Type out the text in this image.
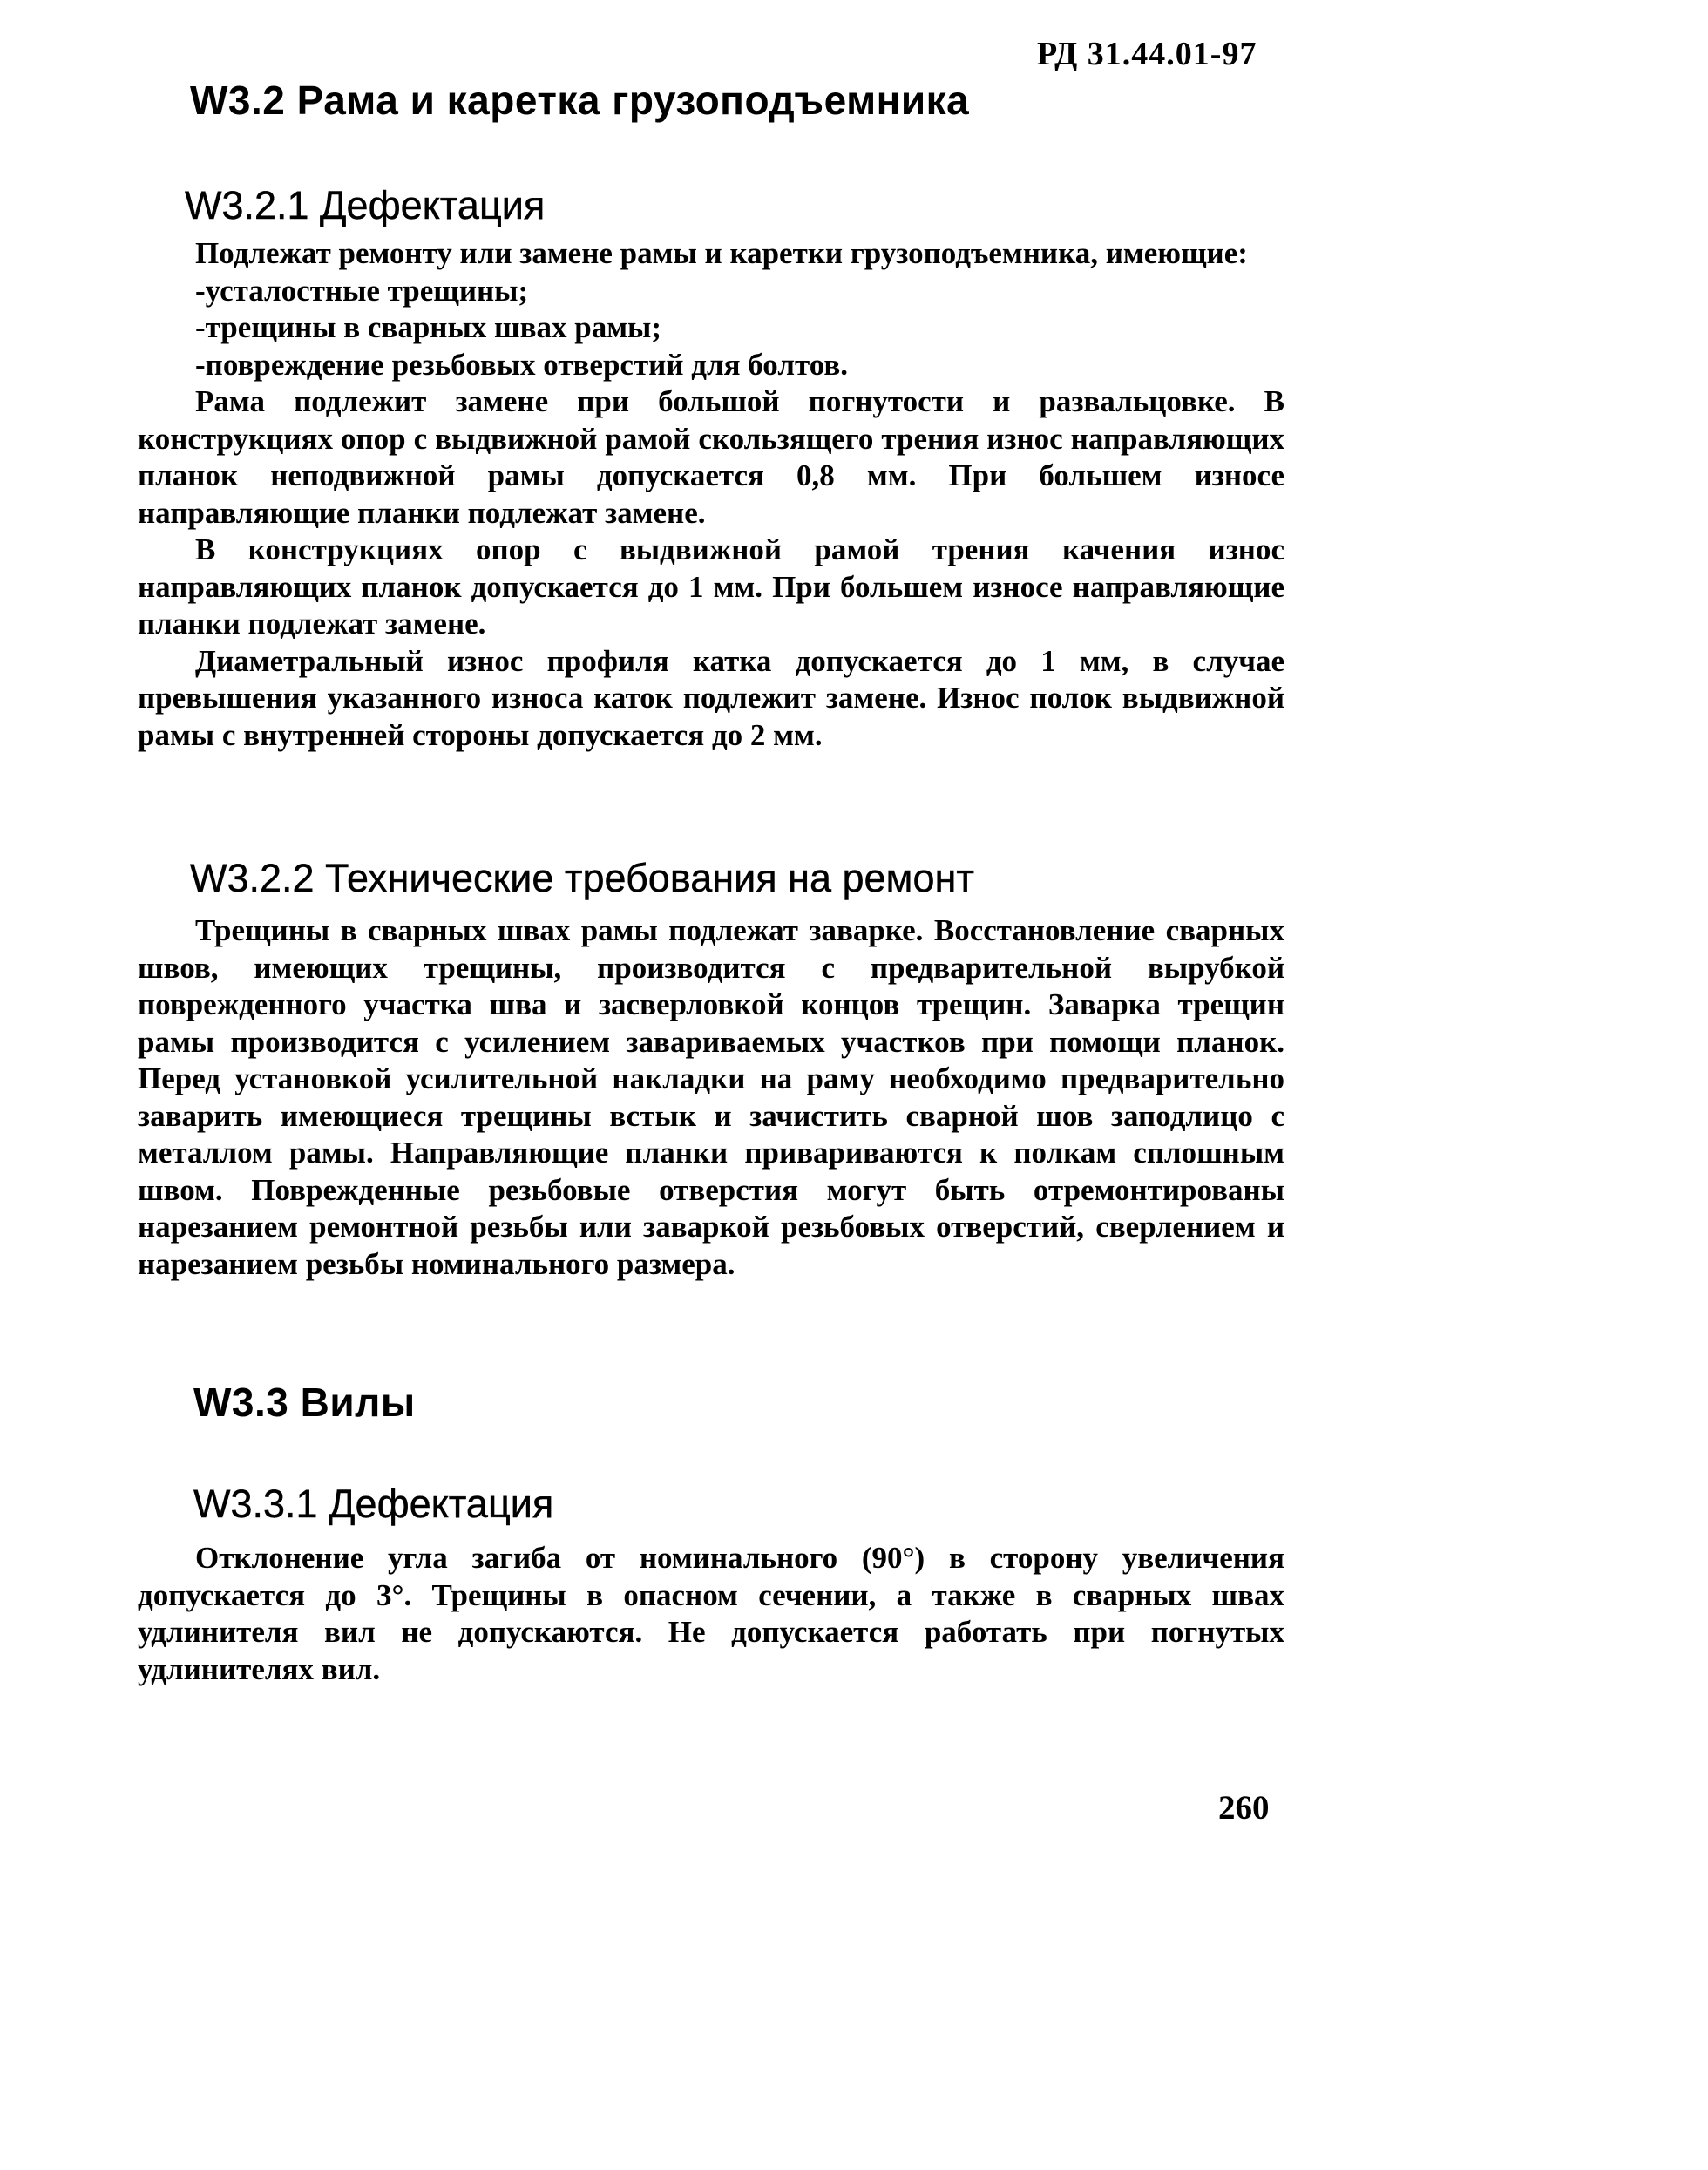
РД 31.44.01-97
W3.2 Рама и каретка грузоподъемника
W3.2.1 Дефектация

Подлежат ремонту или замене рамы и каретки грузоподъемника, имеющие:

-усталостные трещины;

-трещины в сварных швах рамы;

-повреждение резьбовых отверстий для болтов.

Рама подлежит замене при большой погнутости и развальцовке. В конструкциях опор с выдвижной рамой скользящего трения износ направляющих планок неподвижной рамы допускается 0,8 мм. При большем износе направляющие планки подлежат замене.

В конструкциях опор с выдвижной рамой трения качения износ направляющих планок допускается до 1 мм. При большем износе направляющие планки подлежат замене.

Диаметральный износ профиля катка допускается до 1 мм, в случае превышения указанного износа каток подлежит замене. Износ полок выдвижной рамы с внутренней стороны допускается до 2 мм.

W3.2.2 Технические требования на ремонт

Трещины в сварных швах рамы подлежат заварке. Восстановление сварных швов, имеющих трещины, производится с предварительной вырубкой поврежденного участка шва и засверловкой концов трещин. Заварка трещин рамы производится с усилением завариваемых участков при помощи планок. Перед установкой усилительной накладки на раму необходимо предварительно заварить имеющиеся трещины встык и зачистить сварной шов заподлицо с металлом рамы. Направляющие планки привариваются к полкам сплошным швом. Поврежденные резьбовые отверстия могут быть отремонтированы нарезанием ремонтной резьбы или заваркой резьбовых отверстий, сверлением и нарезанием резьбы номинального размера.

W3.3 Вилы
W3.3.1 Дефектация

Отклонение угла загиба от номинального (90°) в сторону увеличения допускается до 3°. Трещины в опасном сечении, а также в сварных швах удлинителя вил не допускаются. Не допускается работать при погнутых удлинителях вил.

260
